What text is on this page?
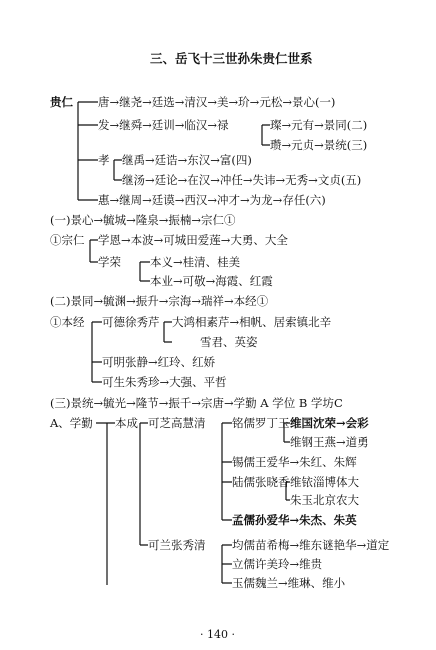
三、岳飞十三世孙朱贵仁世系
贵仁 唐→继尧→廷选→清汉→美→玠→元松→景心(一)
发→继舜→廷训→临汉→禄	璨→元有→景同(二)
瓒→元贞→景统(三)
孝 继禹→廷诰→东汉→富(四)
继汤→廷论→在汉→冲任→失讳→无秀→文贞(五)
惠→继周→廷谟→西汉→冲才→为龙→存任(六)
(一)景心→毓城→隆泉→振楠→宗仁①
①宗仁 学恩→本波→可城田爱莲→大勇、大全
学荣	本义→桂清、桂美
本业→可敬→海霞、红霞
(二)景同→毓渊→振升→宗海→瑞祥→本经①
①本经 可德徐秀芹 大鸿相素芹→相帆、居索镇北辛
雪君、英姿
可明张静→红玲、红娇
可生朱秀珍→大强、平哲
(三)景统→毓光→隆节→振千→宗唐→学勤 A 学位 B 学坊C
A、学勤 本成 可芝高慧清 铭儒罗丁玉 维国沈荣→会彩
维钢王燕→道勇
锡儒王爱华→朱红、朱辉
陆儒张晓香 维铱淄博体大
朱玉北京农大
孟儒孙爱华→朱杰、朱英
可兰张秀清 均儒苗希梅→维东谜艳华→道定
立儒许美玲→维贵
玉儒魏兰→维琳、维小
· 140 ·
